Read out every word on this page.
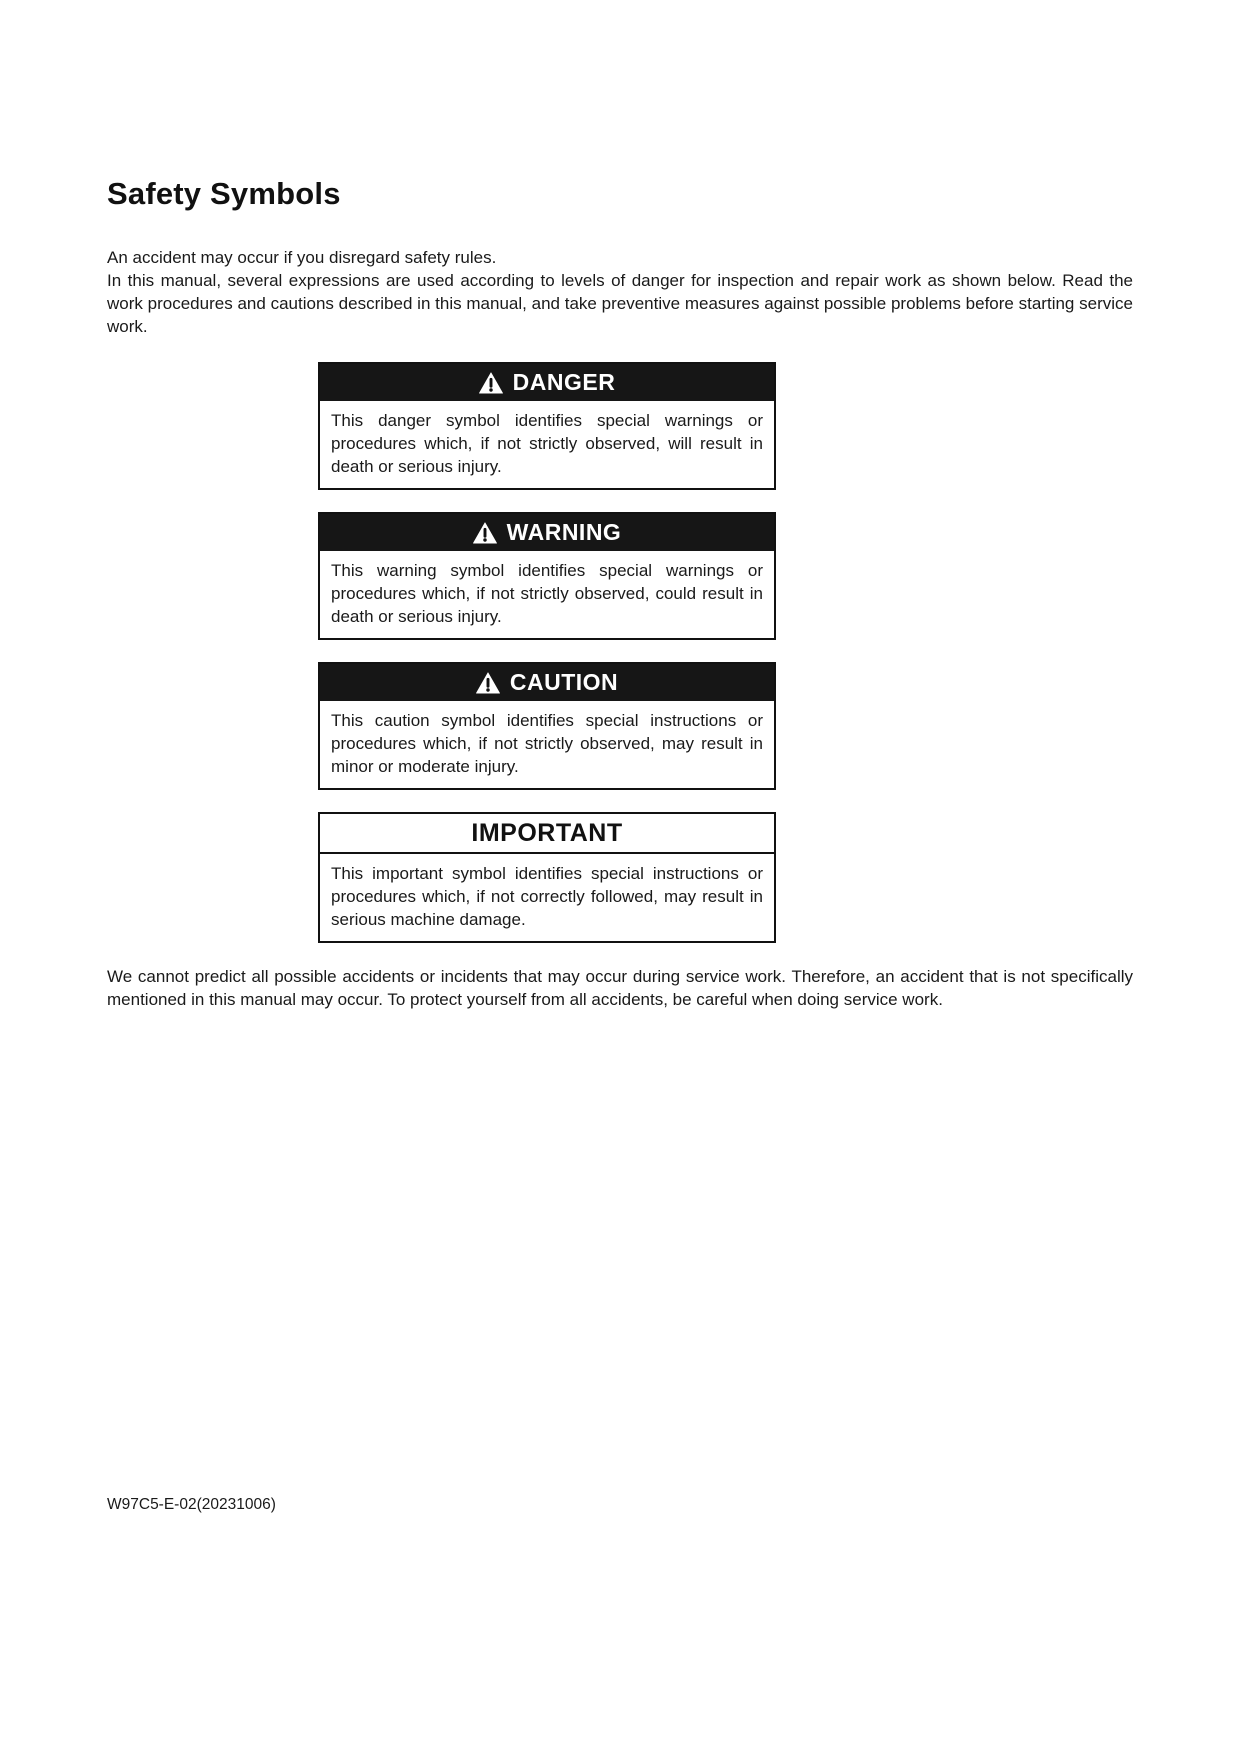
Safety Symbols

An accident may occur if you disregard safety rules.

In this manual, several expressions are used according to levels of danger for inspection and repair work as shown below. Read the work procedures and cautions described in this manual, and take preventive measures against possible problems before starting service work.

DANGER
This danger symbol identifies special warnings or procedures which, if not strictly observed, will result in death or serious injury.
WARNING
This warning symbol identifies special warnings or procedures which, if not strictly observed, could result in death or serious injury.
CAUTION
This caution symbol identifies special instructions or procedures which, if not strictly observed, may result in minor or moderate injury.
IMPORTANT
This important symbol identifies special instructions or procedures which, if not correctly followed, may result in serious machine damage.

We cannot predict all possible accidents or incidents that may occur during service work. Therefore, an accident that is not specifically mentioned in this manual may occur. To protect yourself from all accidents, be careful when doing service work.

W97C5-E-02(20231006)
